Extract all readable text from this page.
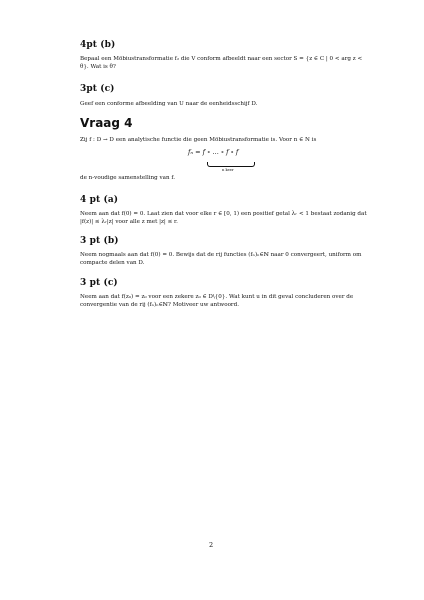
4pt (b)
Bepaal een Möbiustransformatie f₂ die V conform afbeeldt naar een sector S = {z ∈ C | 0 < arg z < θ}. Wat is θ?
3pt (c)
Geef een conforme afbeelding van U naar de eenheidsschijf D.
Vraag 4
Zij f : D → D een analytische functie die geen Möbiustransformatie is. Voor n ∈ N is
fₙ = f ∘ … ∘ f ∘ f
n keer
de n-voudige samenstelling van f.
4 pt (a)
Neem aan dat f(0) = 0. Laat zien dat voor elke r ∈ [0, 1) een positief getal λᵣ < 1 bestaat zodanig dat |f(z)| ≤ λᵣ|z| voor alle z met |z| ≤ r.
3 pt (b)
Neem nogmaals aan dat f(0) = 0. Bewijs dat de rij functies (fₙ)ₙ∈ℕ naar 0 convergeert, uniform om compacte delen van D.
3 pt (c)
Neem aan dat f(z₀) = z₀ voor een zekere z₀ ∈ D\{0}. Wat kunt u in dit geval concluderen over de convergentie van de rij (fₙ)ₙ∈ℕ? Motiveer uw antwoord.
2
